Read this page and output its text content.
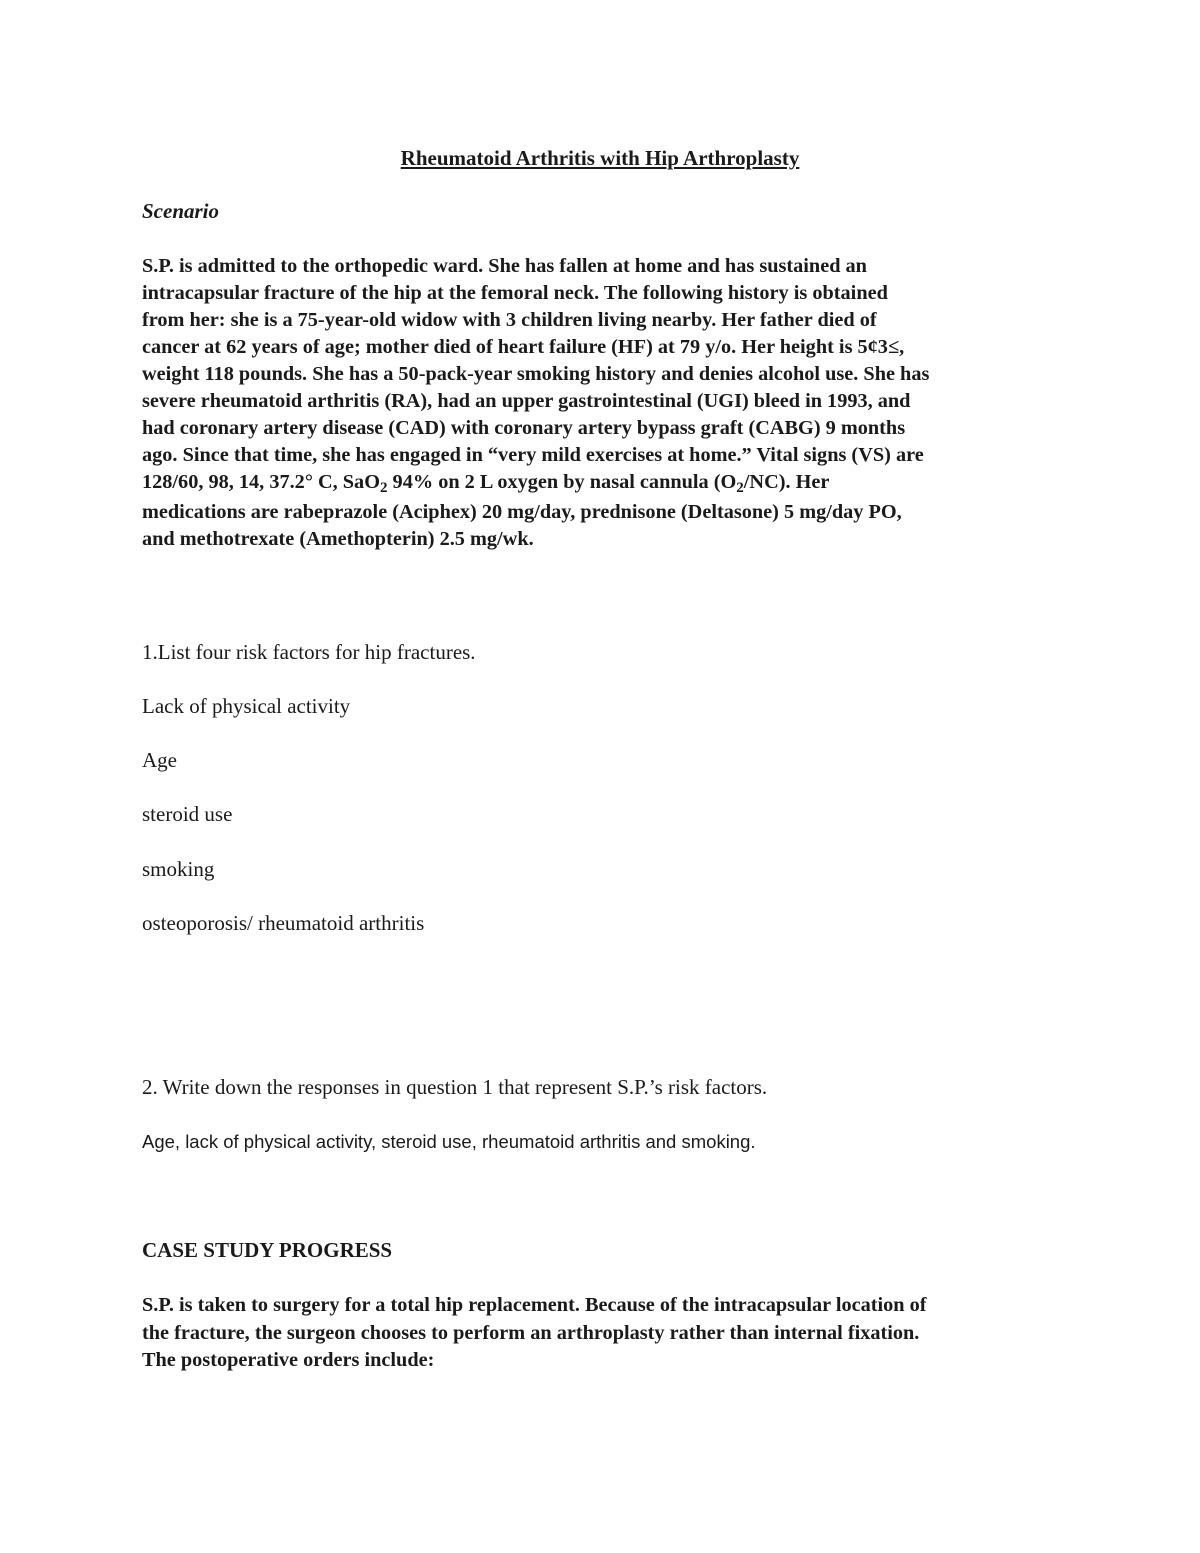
Rheumatoid Arthritis with Hip Arthroplasty
Scenario

S.P. is admitted to the orthopedic ward. She has fallen at home and has sustained an

intracapsular fracture of the hip at the femoral neck. The following history is obtained

from her: she is a 75-year-old widow with 3 children living nearby. Her father died of

cancer at 62 years of age; mother died of heart failure (HF) at 79 y/o. Her height is 5¢3≤,

weight 118 pounds. She has a 50-pack-year smoking history and denies alcohol use. She has

severe rheumatoid arthritis (RA), had an upper gastrointestinal (UGI) bleed in 1993, and

had coronary artery disease (CAD) with coronary artery bypass graft (CABG) 9 months

ago. Since that time, she has engaged in “very mild exercises at home.” Vital signs (VS) are

128/60, 98, 14, 37.2° C, SaO$_2$ 94% on 2 L oxygen by nasal cannula $(O_2/NC)$. Her

medications are rabeprazole (Aciphex) 20 mg/day, prednisone (Deltasone) 5 mg/day PO,

and methotrexate (Amethopterin) 2.5 mg/wk.

1.List four risk factors for hip fractures.
Lack of physical activity
Age
steroid use
smoking
osteoporosis/ rheumatoid arthritis
2. Write down the responses in question 1 that represent S.P.’s risk factors.
Age, lack of physical activity, steroid use, rheumatoid arthritis and smoking.
CASE STUDY PROGRESS

S.P. is taken to surgery for a total hip replacement. Because of the intracapsular location of

the fracture, the surgeon chooses to perform an arthroplasty rather than internal fixation.

The postoperative orders include:
